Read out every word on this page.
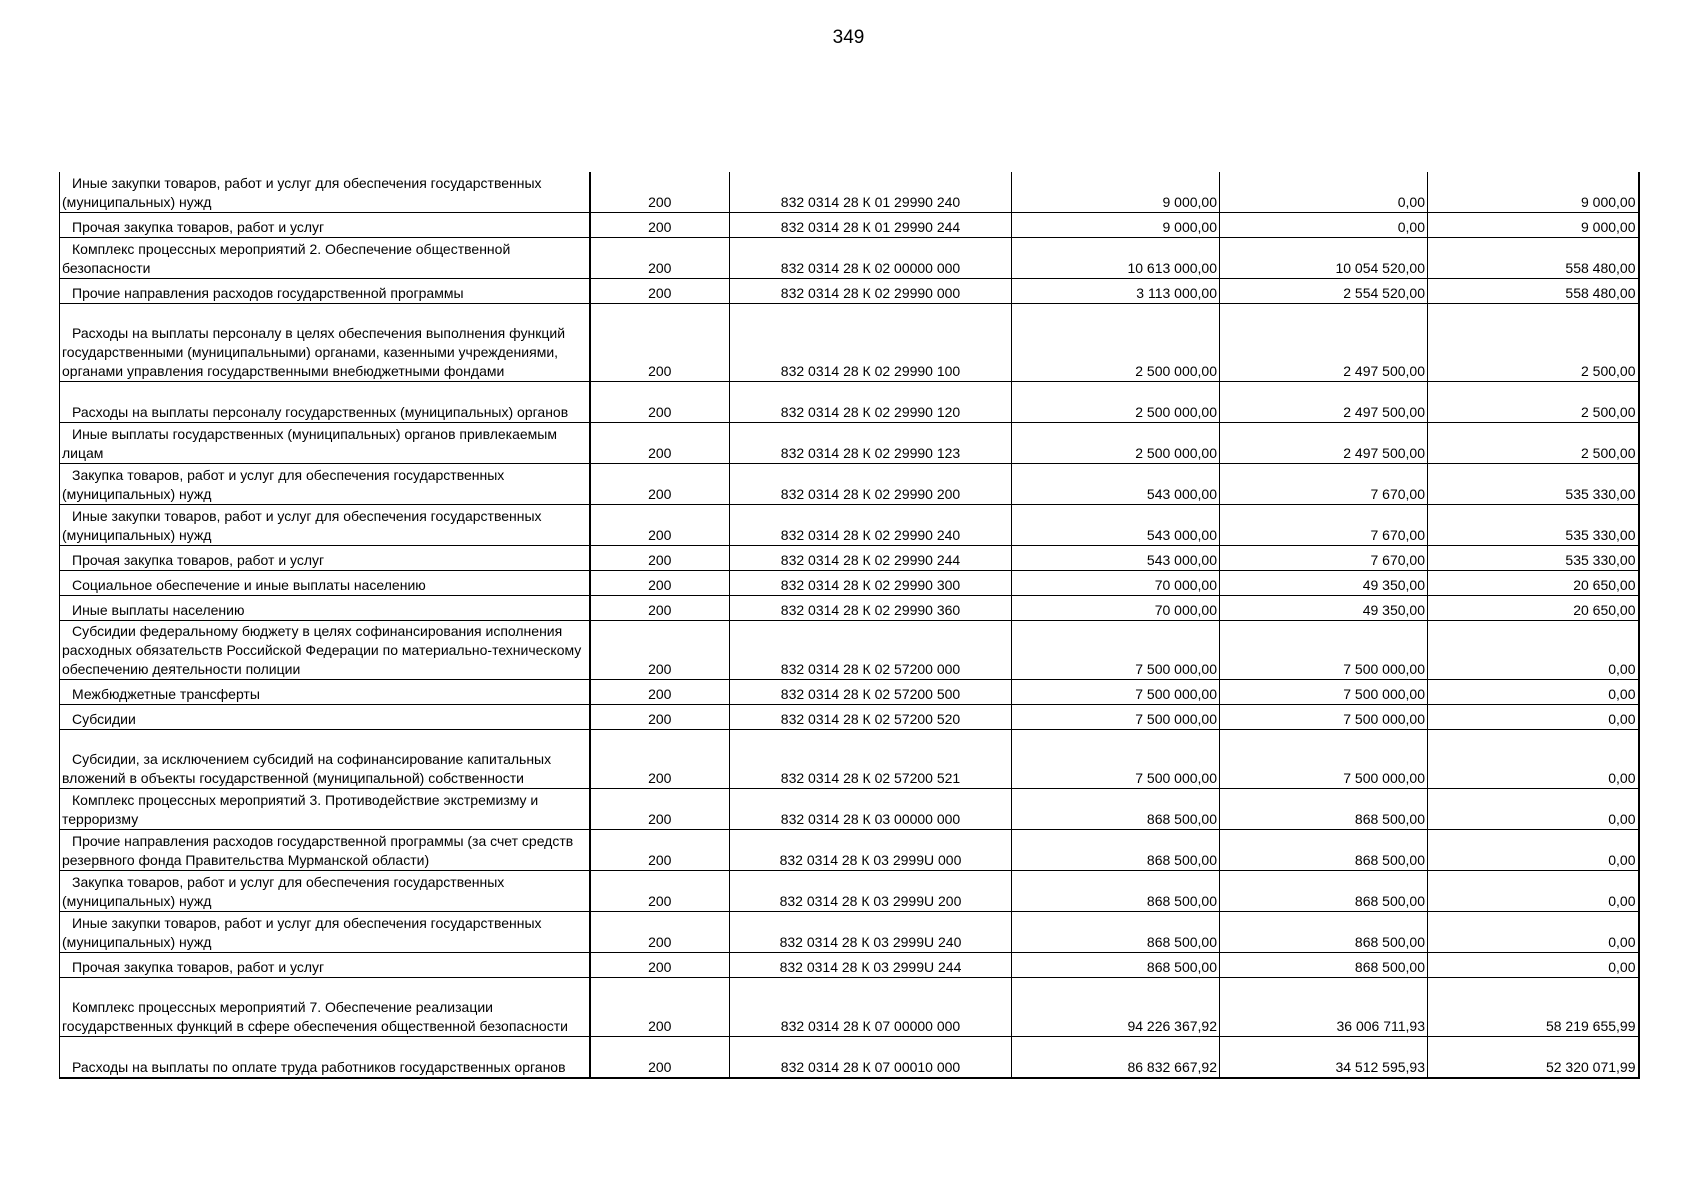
349
Иные закупки товаров, работ и услуг для обеспечения государственных (муниципальных) нужд	200	832 0314 28 К 01 29990 240	9 000,00	0,00	9 000,00
Прочая закупка товаров, работ и услуг	200	832 0314 28 К 01 29990 244	9 000,00	0,00	9 000,00
Комплекс процессных мероприятий 2. Обеспечение общественной безопасности	200	832 0314 28 К 02 00000 000	10 613 000,00	10 054 520,00	558 480,00
Прочие направления расходов государственной программы	200	832 0314 28 К 02 29990 000	3 113 000,00	2 554 520,00	558 480,00
Расходы на выплаты персоналу в целях обеспечения выполнения функций государственными (муниципальными) органами, казенными учреждениями, органами управления государственными внебюджетными фондами	200	832 0314 28 К 02 29990 100	2 500 000,00	2 497 500,00	2 500,00
Расходы на выплаты персоналу государственных (муниципальных) органов	200	832 0314 28 К 02 29990 120	2 500 000,00	2 497 500,00	2 500,00
Иные выплаты государственных (муниципальных) органов привлекаемым лицам	200	832 0314 28 К 02 29990 123	2 500 000,00	2 497 500,00	2 500,00
Закупка товаров, работ и услуг для обеспечения государственных (муниципальных) нужд	200	832 0314 28 К 02 29990 200	543 000,00	7 670,00	535 330,00
Иные закупки товаров, работ и услуг для обеспечения государственных (муниципальных) нужд	200	832 0314 28 К 02 29990 240	543 000,00	7 670,00	535 330,00
Прочая закупка товаров, работ и услуг	200	832 0314 28 К 02 29990 244	543 000,00	7 670,00	535 330,00
Социальное обеспечение и иные выплаты населению	200	832 0314 28 К 02 29990 300	70 000,00	49 350,00	20 650,00
Иные выплаты населению	200	832 0314 28 К 02 29990 360	70 000,00	49 350,00	20 650,00
Субсидии федеральному бюджету в целях софинансирования исполнения расходных обязательств Российской Федерации по материально-техническому обеспечению деятельности полиции	200	832 0314 28 К 02 57200 000	7 500 000,00	7 500 000,00	0,00
Межбюджетные трансферты	200	832 0314 28 К 02 57200 500	7 500 000,00	7 500 000,00	0,00
Субсидии	200	832 0314 28 К 02 57200 520	7 500 000,00	7 500 000,00	0,00
Субсидии, за исключением субсидий на софинансирование капитальных вложений в объекты государственной (муниципальной) собственности	200	832 0314 28 К 02 57200 521	7 500 000,00	7 500 000,00	0,00
Комплекс процессных мероприятий 3. Противодействие экстремизму и терроризму	200	832 0314 28 К 03 00000 000	868 500,00	868 500,00	0,00
Прочие направления расходов государственной программы (за счет средств резервного фонда Правительства Мурманской области)	200	832 0314 28 К 03 2999U 000	868 500,00	868 500,00	0,00
Закупка товаров, работ и услуг для обеспечения государственных (муниципальных) нужд	200	832 0314 28 К 03 2999U 200	868 500,00	868 500,00	0,00
Иные закупки товаров, работ и услуг для обеспечения государственных (муниципальных) нужд	200	832 0314 28 К 03 2999U 240	868 500,00	868 500,00	0,00
Прочая закупка товаров, работ и услуг	200	832 0314 28 К 03 2999U 244	868 500,00	868 500,00	0,00
Комплекс процессных мероприятий 7. Обеспечение реализации государственных функций в сфере обеспечения общественной безопасности	200	832 0314 28 К 07 00000 000	94 226 367,92	36 006 711,93	58 219 655,99
Расходы на выплаты по оплате труда работников государственных органов	200	832 0314 28 К 07 00010 000	86 832 667,92	34 512 595,93	52 320 071,99
